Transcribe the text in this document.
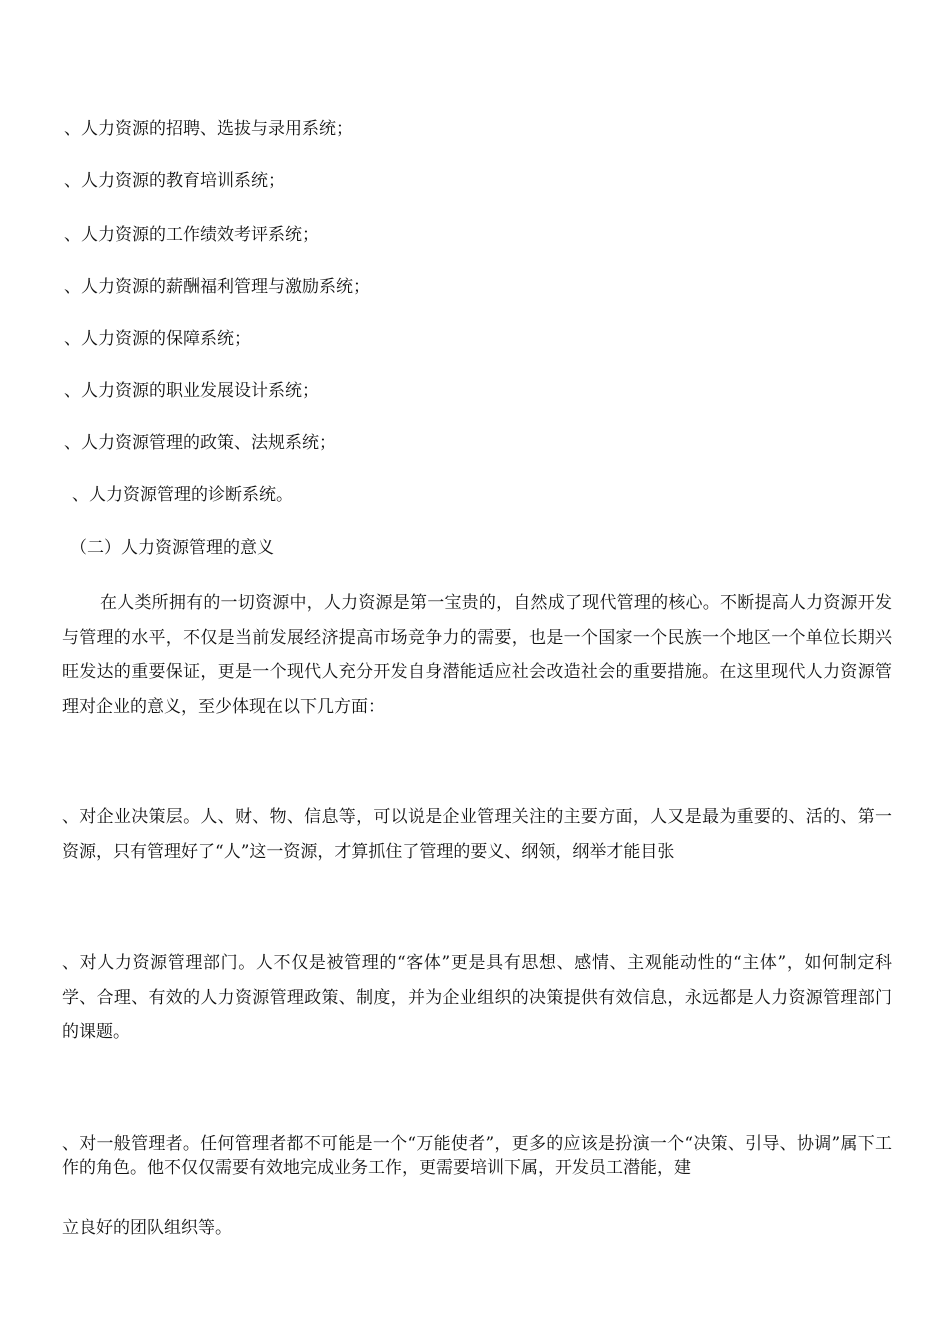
、人力资源的招聘、选拔与录用系统；
、人力资源的教育培训系统；
、人力资源的工作绩效考评系统；
、人力资源的薪酬福利管理与激励系统；
、人力资源的保障系统；
、人力资源的职业发展设计系统；
、人力资源管理的政策、法规系统；
、人力资源管理的诊断系统。
（二）人力资源管理的意义

在人类所拥有的一切资源中，人力资源是第一宝贵的，自然成了现代管理的核心。不断提高人力资源开发与管理的水平，不仅是当前发展经济提高市场竞争力的需要，也是一个国家一个民族一个地区一个单位长期兴旺发达的重要保证，更是一个现代人充分开发自身潜能适应社会改造社会的重要措施。在这里现代人力资源管理对企业的意义，至少体现在以下几方面：

、对企业决策层。人、财、物、信息等，可以说是企业管理关注的主要方面，人又是最为重要的、活的、第一资源，只有管理好了“人”这一资源，才算抓住了管理的要义、纲领，纲举才能目张

、对人力资源管理部门。人不仅是被管理的“客体”更是具有思想、感情、主观能动性的“主体”，如何制定科学、合理、有效的人力资源管理政策、制度，并为企业组织的决策提供有效信息，永远都是人力资源管理部门的课题。

、对一般管理者。任何管理者都不可能是一个“万能使者”，更多的应该是扮演一个“决策、引导、协调”属下工作的角色。他不仅仅需要有效地完成业务工作，更需要培训下属，开发员工潜能，建

立良好的团队组织等。
